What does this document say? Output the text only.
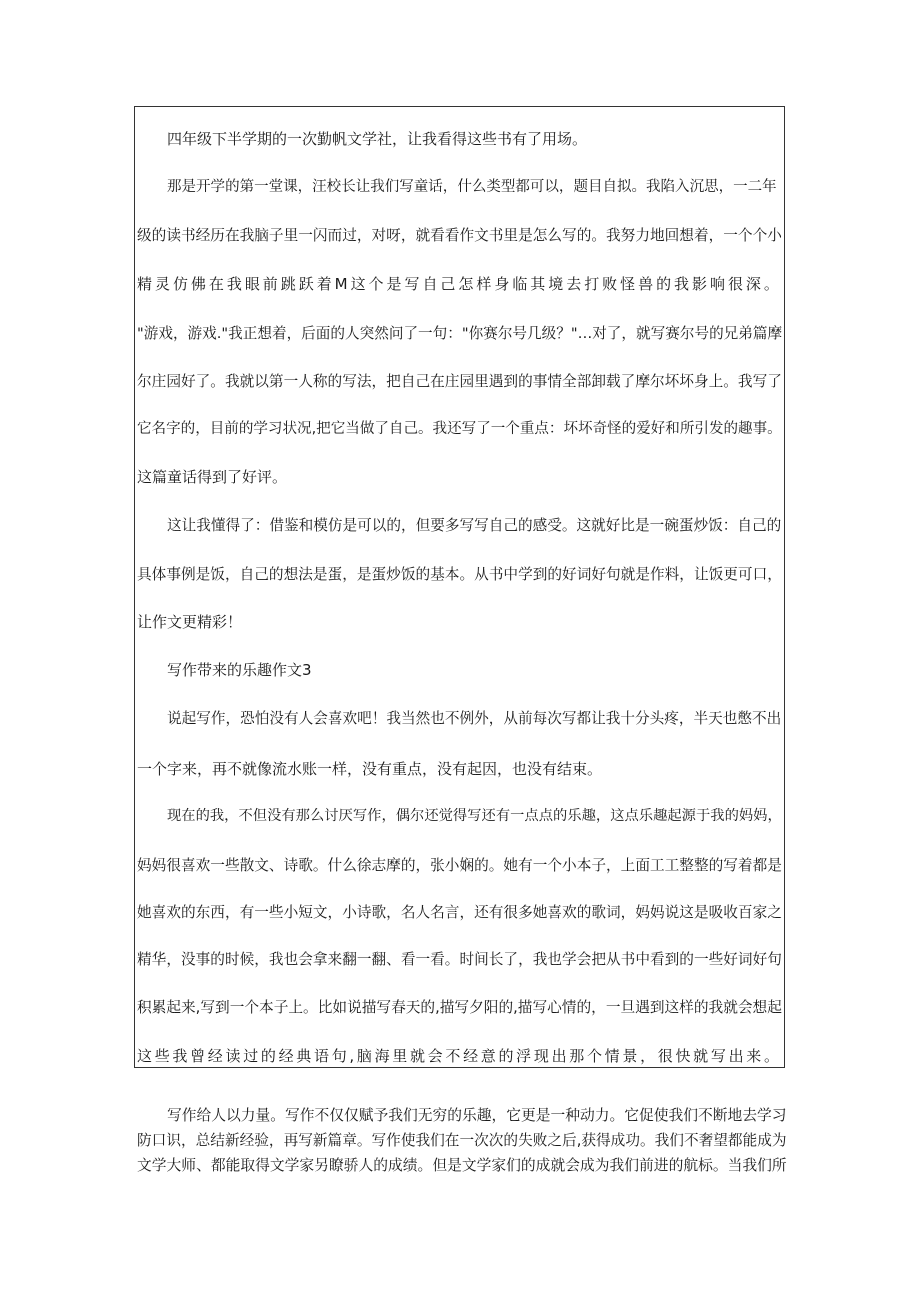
四年级下半学期的一次勤帆文学社，让我看得这些书有了用场。
那是开学的第一堂课，汪校长让我们写童话，什么类型都可以，题目自拟。我陷入沉思，一二年
级的读书经历在我脑子里一闪而过，对呀，就看看作文书里是怎么写的。我努力地回想着，一个个小
精灵仿佛在我眼前跳跃着M这个是写自己怎样身临其境去打败怪兽的我影响很深。
"游戏，游戏."我正想着，后面的人突然问了一句："你赛尔号几级？"…对了，就写赛尔号的兄弟篇摩
尔庄园好了。我就以第一人称的写法，把自己在庄园里遇到的事情全部卸载了摩尔坏坏身上。我写了
它名字的，目前的学习状况,把它当做了自己。我还写了一个重点：坏坏奇怪的爱好和所引发的趣事。
这篇童话得到了好评。
这让我懂得了：借鉴和模仿是可以的，但要多写写自己的感受。这就好比是一碗蛋炒饭：自己的
具体事例是饭，自己的想法是蛋，是蛋炒饭的基本。从书中学到的好词好句就是作料，让饭更可口，
让作文更精彩！
写作带来的乐趣作文3
说起写作，恐怕没有人会喜欢吧！我当然也不例外，从前每次写都让我十分头疼，半天也憋不出
一个字来，再不就像流水账一样，没有重点，没有起因，也没有结束。
现在的我，不但没有那么讨厌写作，偶尔还觉得写还有一点点的乐趣，这点乐趣起源于我的妈妈，
妈妈很喜欢一些散文、诗歌。什么徐志摩的，张小娴的。她有一个小本子，上面工工整整的写着都是
她喜欢的东西，有一些小短文，小诗歌，名人名言，还有很多她喜欢的歌词，妈妈说这是吸收百家之
精华，没事的时候，我也会拿来翻一翻、看一看。时间长了，我也学会把从书中看到的一些好词好句
积累起来,写到一个本子上。比如说描写春天的,描写夕阳的,描写心情的，一旦遇到这样的我就会想起
这些我曾经读过的经典语句,脑海里就会不经意的浮现出那个情景，很快就写出来。
写作给人以力量。写作不仅仅赋予我们无穷的乐趣，它更是一种动力。它促使我们不断地去学习
防口识，总结新经验，再写新篇章。写作使我们在一次次的失败之后,获得成功。我们不奢望都能成为
文学大师、都能取得文学家另瞭骄人的成绩。但是文学家们的成就会成为我们前进的航标。当我们所
